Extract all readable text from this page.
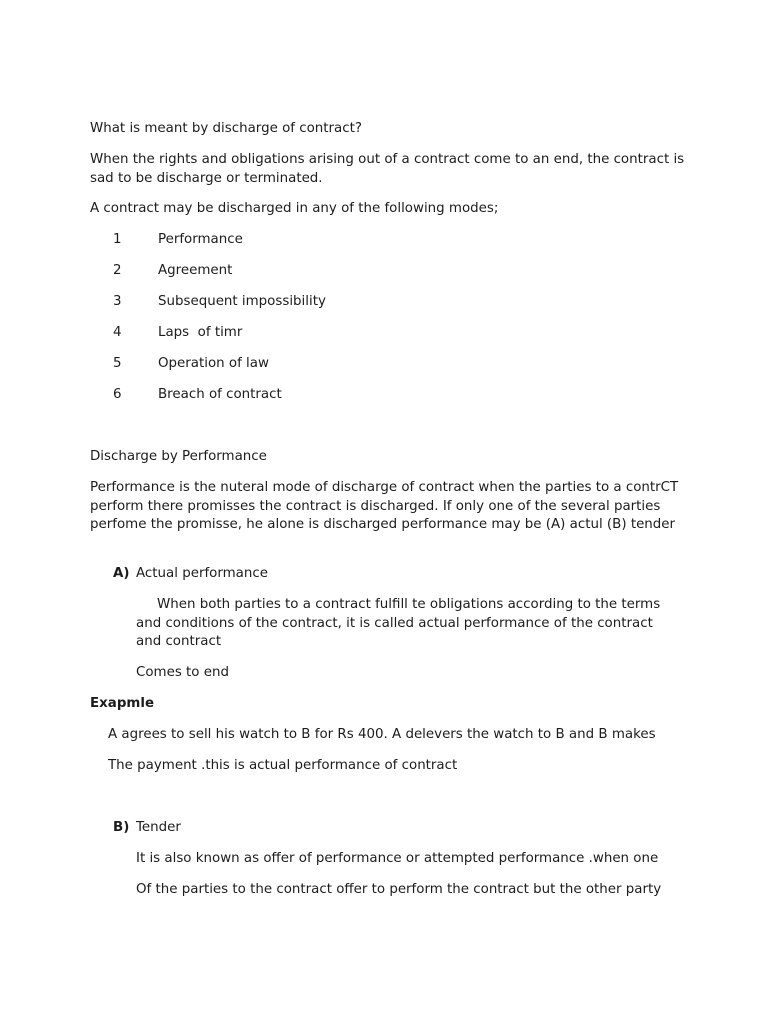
What is meant by discharge of contract?
When the rights and obligations arising out of a contract come to an end, the contract is sad to be discharge or terminated.
A contract may be discharged in any of the following modes;
1	Performance
2	Agreement
3	Subsequent impossibility
4	Laps  of timr
5	Operation of law
6	Breach of contract
Discharge by Performance
Performance is the nuteral mode of discharge of contract when the parties to a contrCT perform there promisses the contract is discharged. If only one of the several parties perfome the promisse, he alone is discharged performance may be (A) actul (B) tender
A) Actual performance
When both parties to a contract fulfill te obligations according to the terms and conditions of the contract, it is called actual performance of the contract and contract
Comes to end
Exapmle
A agrees to sell his watch to B for Rs 400. A delevers the watch to B and B makes
The payment .this is actual performance of contract
B) Tender
It is also known as offer of performance or attempted performance .when one
Of the parties to the contract offer to perform the contract but the other party
